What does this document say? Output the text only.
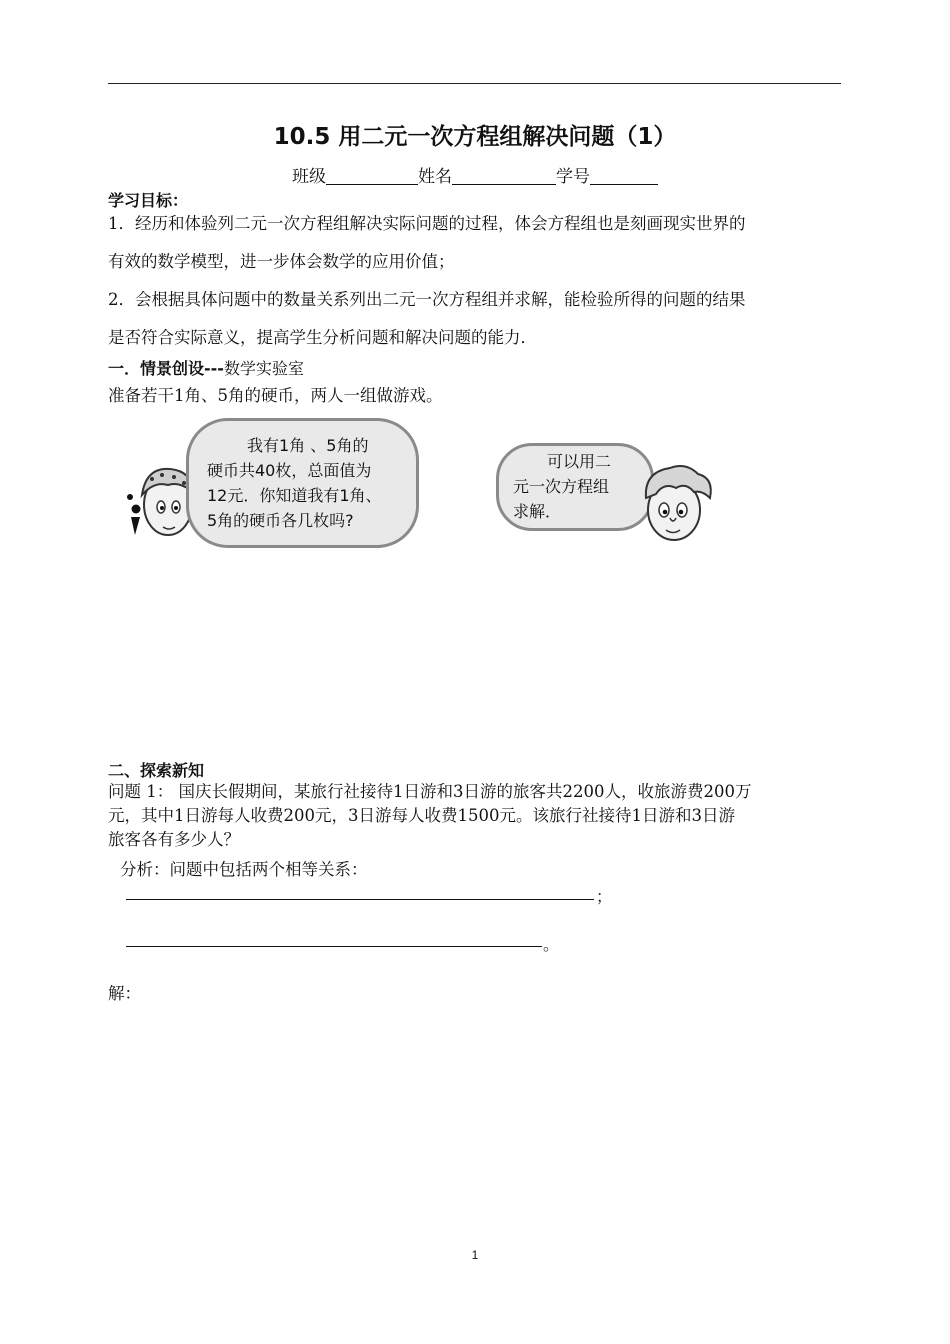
10.5 用二元一次方程组解决问题（1）
班级	姓名	学号
学习目标：
1．经历和体验列二元一次方程组解决实际问题的过程，体会方程组也是刻画现实世界的
有效的数学模型，进一步体会数学的应用价值；
2．会根据具体问题中的数量关系列出二元一次方程组并求解，能检验所得的问题的结果
是否符合实际意义，提高学生分析问题和解决问题的能力．
一．情景创设---数学实验室
准备若干1角、5角的硬币，两人一组做游戏。
我有1角 、5角的
硬币共40枚，总面值为
12元．你知道我有1角、
5角的硬币各几枚吗?
可以用二
元一次方程组
求解．
二、探索新知
问题 1： 国庆长假期间，某旅行社接待1日游和3日游的旅客共2200人，收旅游费200万
元，其中1日游每人收费200元，3日游每人收费1500元。该旅行社接待1日游和3日游
旅客各有多少人？
分析：问题中包括两个相等关系：
；
。
解：
1
